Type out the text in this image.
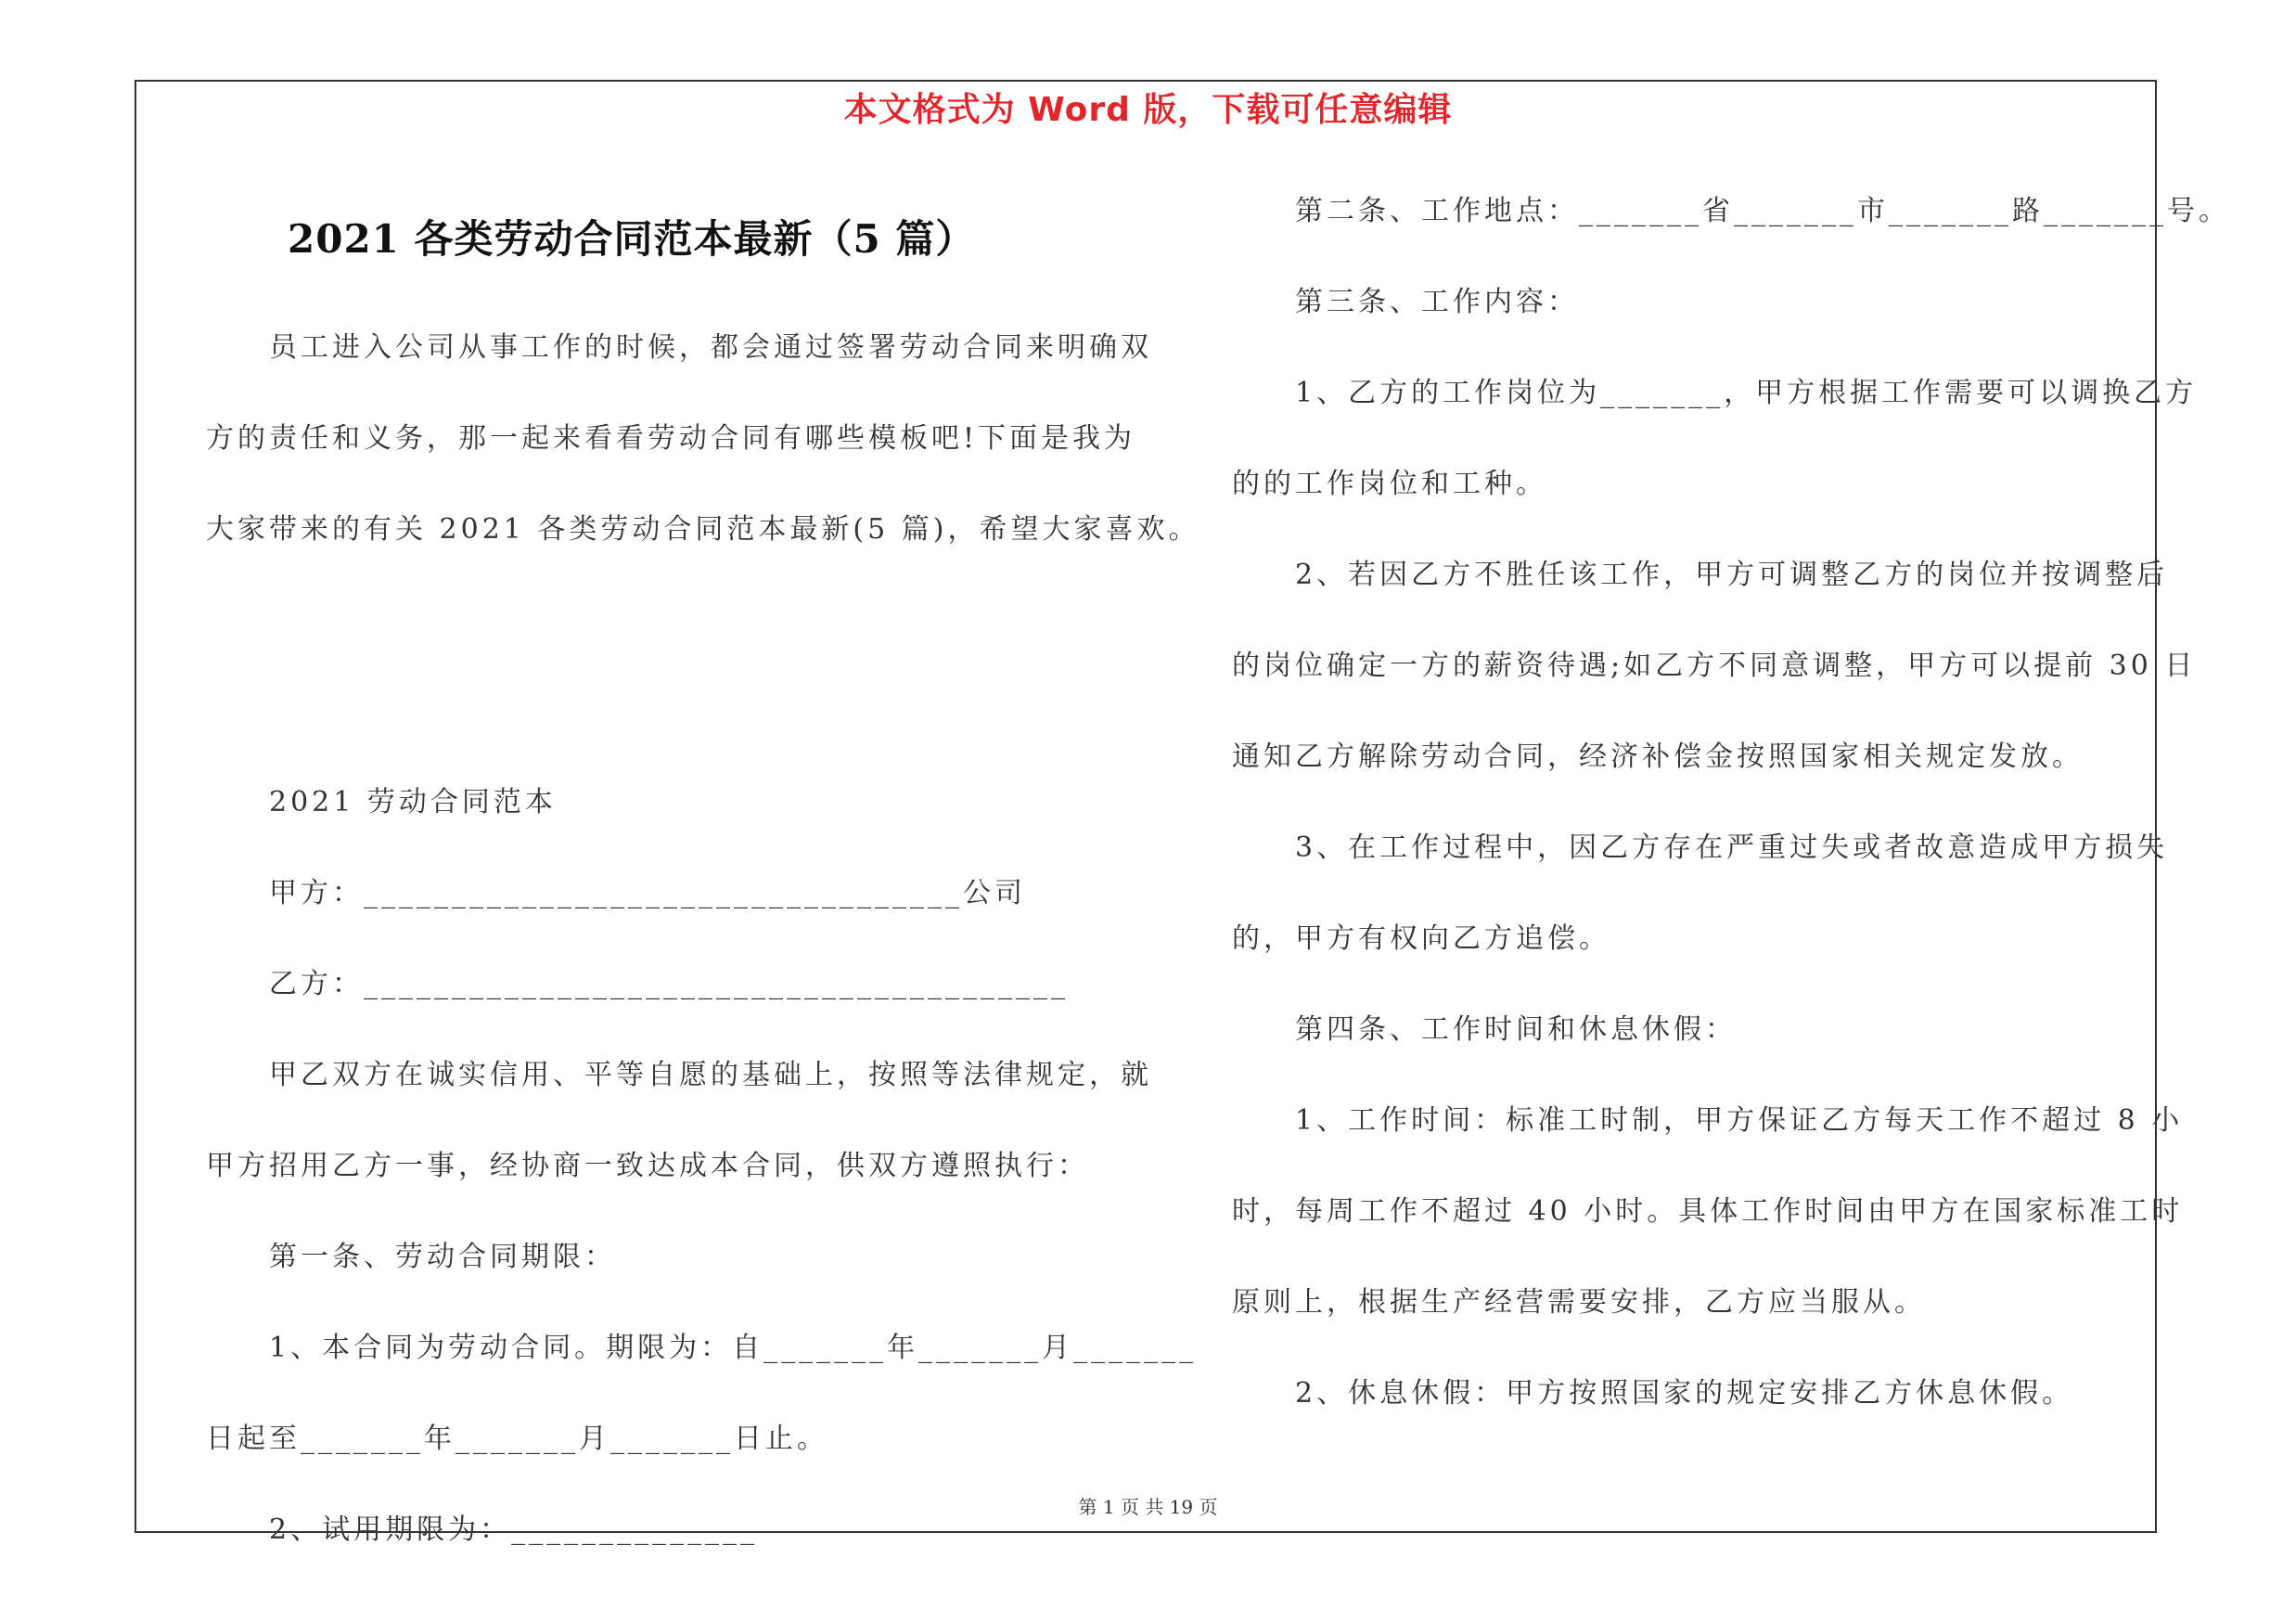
本文格式为 Word 版，下载可任意编辑
2021 各类劳动合同范本最新（5 篇）

员工进入公司从事工作的时候，都会通过签署劳动合同来明确双

方的责任和义务，那一起来看看劳动合同有哪些模板吧!下面是我为

大家带来的有关 2021 各类劳动合同范本最新(5 篇)，希望大家喜欢。

2021 劳动合同范本

甲方：__________________________________公司

乙方：________________________________________

甲乙双方在诚实信用、平等自愿的基础上，按照等法律规定，就

甲方招用乙方一事，经协商一致达成本合同，供双方遵照执行：

第一条、劳动合同期限：

1、本合同为劳动合同。期限为：自_______年_______月_______

日起至_______年_______月_______日止。

2、试用期限为：______________

第二条、工作地点：_______省_______市_______路_______号。

第三条、工作内容：

1、乙方的工作岗位为_______，甲方根据工作需要可以调换乙方

的的工作岗位和工种。

2、若因乙方不胜任该工作，甲方可调整乙方的岗位并按调整后

的岗位确定一方的薪资待遇;如乙方不同意调整，甲方可以提前 30 日

通知乙方解除劳动合同，经济补偿金按照国家相关规定发放。

3、在工作过程中，因乙方存在严重过失或者故意造成甲方损失

的，甲方有权向乙方追偿。

第四条、工作时间和休息休假：

1、工作时间：标准工时制，甲方保证乙方每天工作不超过 8 小

时，每周工作不超过 40 小时。具体工作时间由甲方在国家标准工时

原则上，根据生产经营需要安排，乙方应当服从。

2、休息休假：甲方按照国家的规定安排乙方休息休假。

第 1 页 共 19 页
